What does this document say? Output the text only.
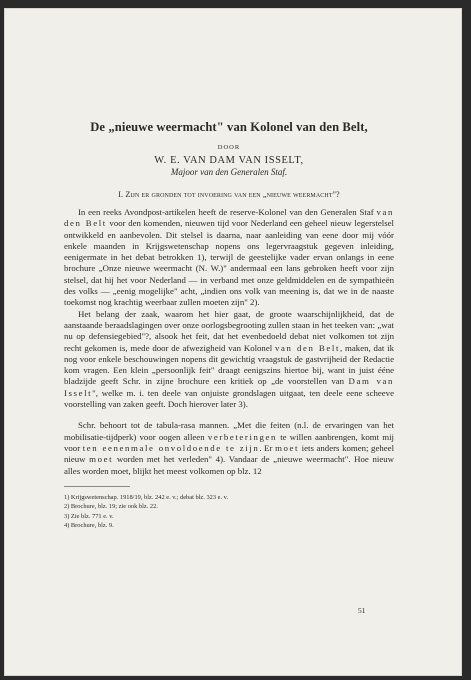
De „nieuwe weermacht" van Kolonel van den Belt,
DOOR
W. E. VAN DAM VAN ISSELT,
Majoor van den Generalen Staf.
I. Zijn er gronden tot invoering van een „nieuwe weermacht"?

In een reeks Avondpost-artikelen heeft de reserve-Kolonel van den Generalen Staf van den Belt voor den komenden, nieuwen tijd voor Nederland een geheel nieuw legerstelsel ontwikkeld en aanbevolen. Dit stelsel is daarna, naar aanleiding van eene door mij vóór enkele maanden in Krijgswetenschap nopens ons legervraagstuk gegeven inleiding, eenigermate in het debat betrokken 1), terwijl de geestelijke vader ervan onlangs in eene brochure „Onze nieuwe weermacht (N. W.)" andermaal een lans gebroken heeft voor zijn stelsel, dat hij het voor Nederland — in verband met onze geldmiddelen en de sympathieën des volks — „eenig mogelijke" acht, „indien ons volk van meening is, dat we in de naaste toekomst nog krachtig weerbaar zullen moeten zijn" 2).

Het belang der zaak, waarom het hier gaat, de groote waarschijnlijkheid, dat de aanstaande beraadslagingen over onze oorlogsbegrooting zullen staan in het teeken van: „wat nu op defensiegebied"?, alsook het feit, dat het evenbedoeld debat niet volkomen tot zijn recht gekomen is, mede door de afwezigheid van Kolonel van den Belt, maken, dat ik nog voor enkele beschouwingen nopens dit gewichtig vraagstuk de gastvrijheid der Redactie kom vragen. Een klein „persoonlijk feit" draagt eenigszins hiertoe bij, want in juist ééne bladzijde geeft Schr. in zijne brochure een kritiek op „de voorstellen van Dam van Isselt", welke m. i. ten deele van onjuiste grondslagen uitgaat, ten deele eene scheeve voorstelling van zaken geeft. Doch hierover later 3).

Schr. behoort tot de tabula-rasa mannen. „Met die feiten (n.l. de ervaringen van het mobilisatie-tijdperk) voor oogen alleen verbeteringen te willen aanbrengen, komt mij voor ten eenenmale onvoldoende te zijn. Er moet iets anders komen; geheel nieuw moet worden met het verleden" 4). Vandaar de „nieuwe weermacht". Hoe nieuw alles worden moet, blijkt het meest volkomen op blz. 12

1) Krijgswetenschap. 1918/19, blz. 242 e. v.; debat blz. 323 e. v.
2) Brochure, blz. 19; zie ook blz. 22.
3) Zie blz. 771 e. v.
4) Brochure, blz. 9.
51
